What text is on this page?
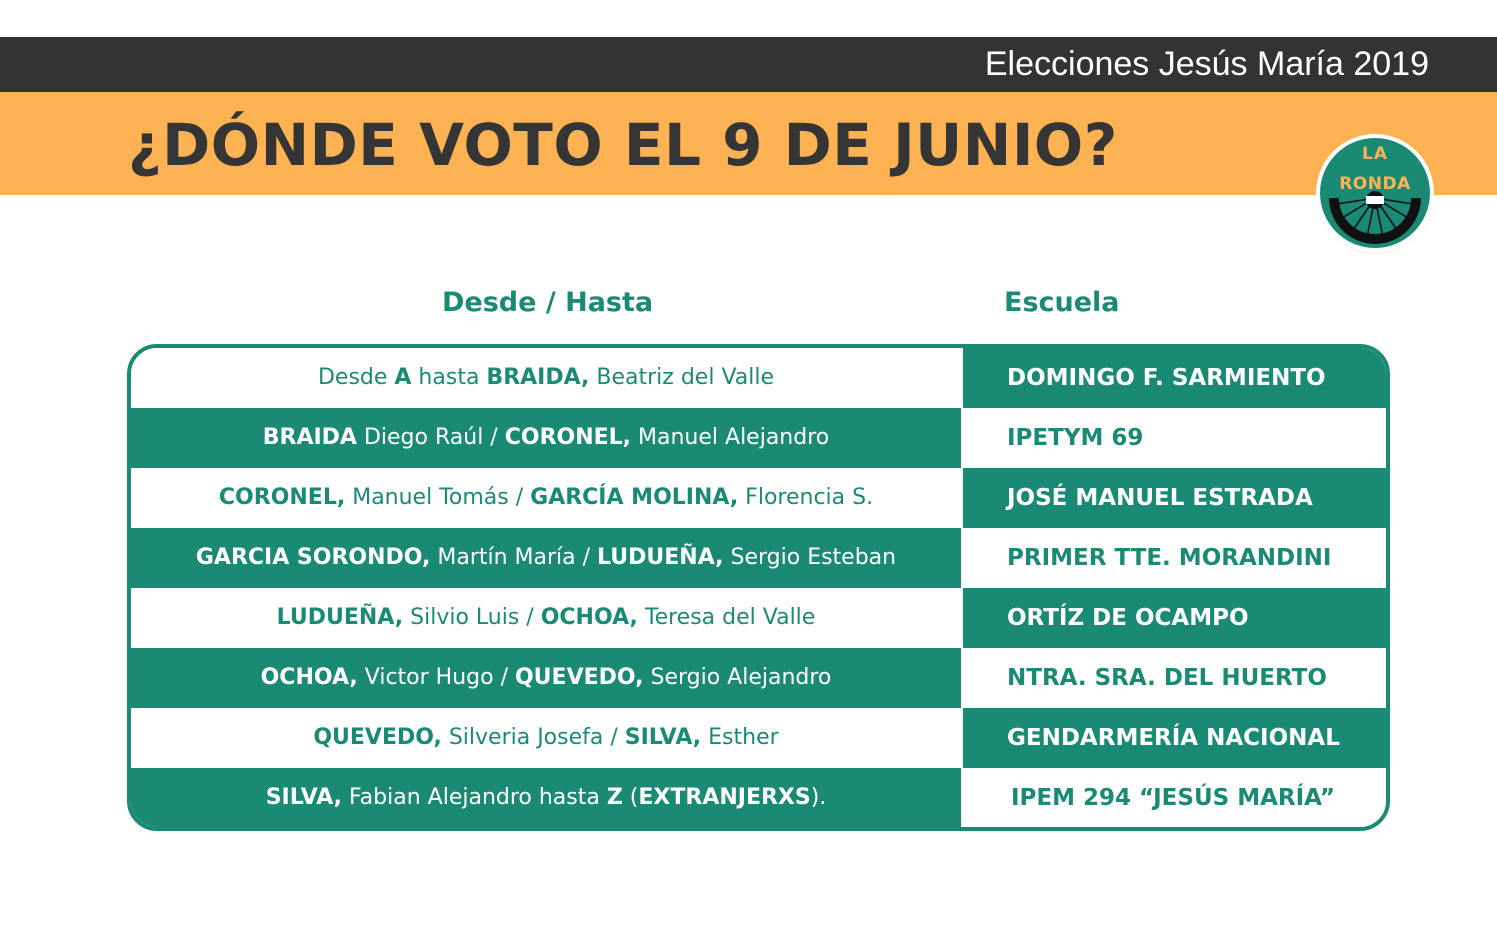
Elecciones Jesús María 2019
¿DÓNDE VOTO EL 9 DE JUNIO?	LA
RONDA
Desde / Hasta	Escuela
Desde A hasta BRAIDA, Beatriz del Valle	DOMINGO F. SARMIENTO
BRAIDA Diego Raúl / CORONEL, Manuel Alejandro	IPETYM 69
CORONEL, Manuel Tomás / GARCÍA MOLINA, Florencia S.	JOSÉ MANUEL ESTRADA
GARCIA SORONDO, Martín María / LUDUEÑA, Sergio Esteban	PRIMER TTE. MORANDINI
LUDUEÑA, Silvio Luis / OCHOA, Teresa del Valle	ORTÍZ DE OCAMPO
OCHOA, Victor Hugo / QUEVEDO, Sergio Alejandro	NTRA. SRA. DEL HUERTO
QUEVEDO, Silveria Josefa / SILVA, Esther	GENDARMERÍA NACIONAL
SILVA, Fabian Alejandro hasta Z (EXTRANJERXS).	IPEM 294 “JESÚS MARÍA”
